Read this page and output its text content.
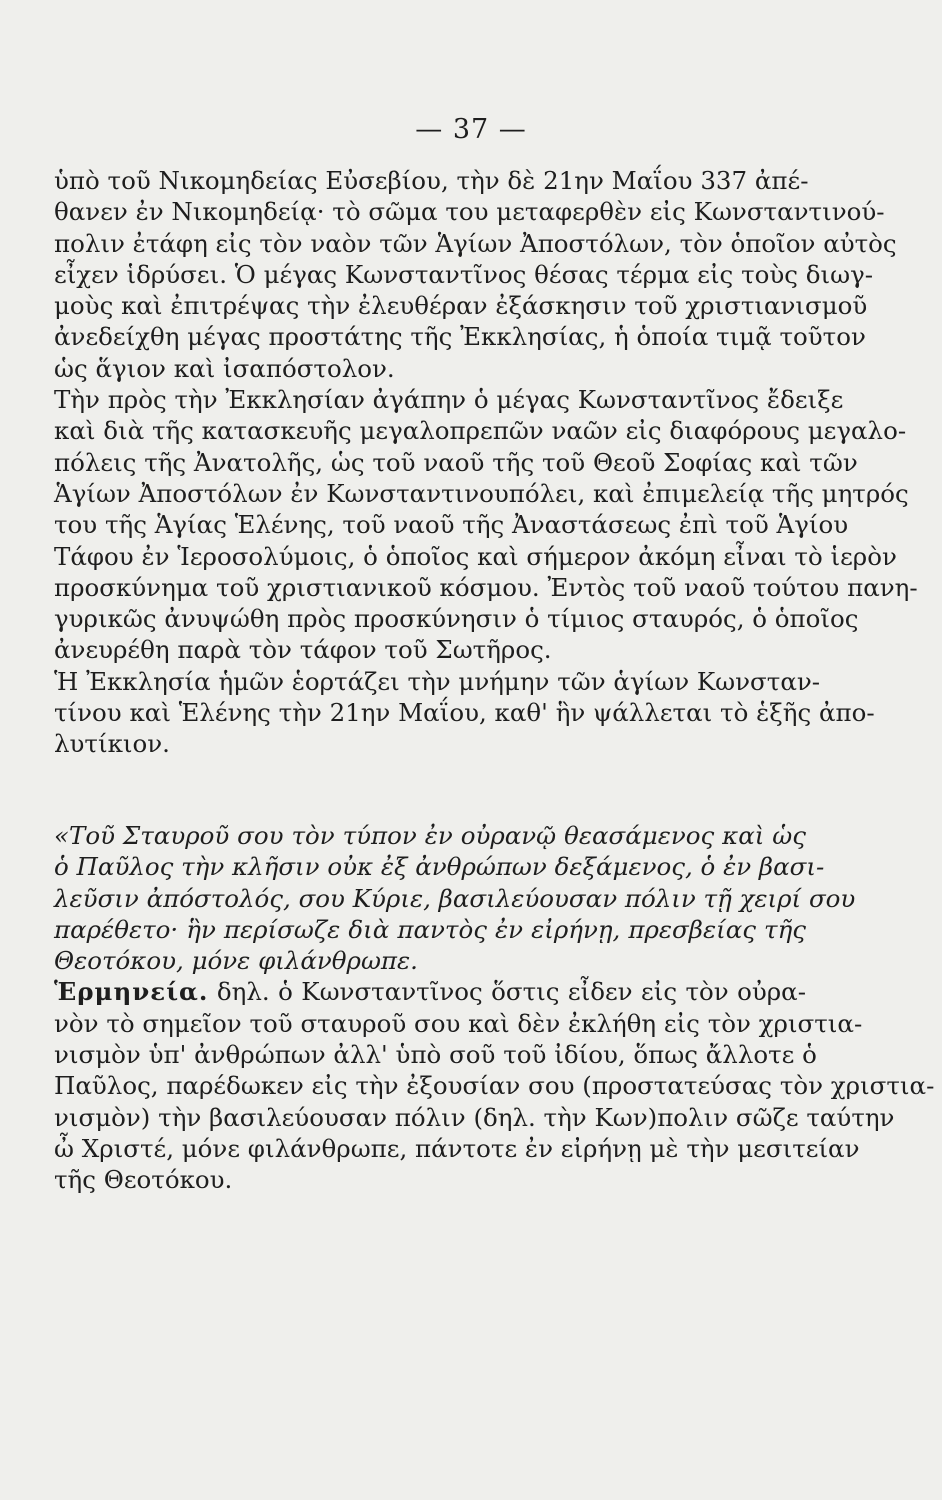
— 37 —
ὑπὸ τοῦ Νικομηδείας Εὐσεβίου, τὴν δὲ 21ην Μαΐου 337 ἀπέ-
θανεν ἐν Νικομηδείᾳ· τὸ σῶμα του μεταφερθὲν εἰς Κωνσταντινού-
πολιν ἐτάφη εἰς τὸν ναὸν τῶν Ἁγίων Ἀποστόλων, τὸν ὁποῖον αὐτὸς
εἶχεν ἱδρύσει. Ὁ μέγας Κωνσταντῖνος θέσας τέρμα εἰς τοὺς διωγ-
μοὺς καὶ ἐπιτρέψας τὴν ἐλευθέραν ἐξάσκησιν τοῦ χριστιανισμοῦ
ἀνεδείχθη μέγας προστάτης τῆς Ἐκκλησίας, ἡ ὁποία τιμᾷ τοῦτον
ὡς ἅγιον καὶ ἰσαπόστολον.
Τὴν πρὸς τὴν Ἐκκλησίαν ἀγάπην ὁ μέγας Κωνσταντῖνος ἔδειξε
καὶ διὰ τῆς κατασκευῆς μεγαλοπρεπῶν ναῶν εἰς διαφόρους μεγαλο-
πόλεις τῆς Ἀνατολῆς, ὡς τοῦ ναοῦ τῆς τοῦ Θεοῦ Σοφίας καὶ τῶν
Ἁγίων Ἀποστόλων ἐν Κωνσταντινουπόλει, καὶ ἐπιμελείᾳ τῆς μητρός
του τῆς Ἁγίας Ἑλένης, τοῦ ναοῦ τῆς Ἀναστάσεως ἐπὶ τοῦ Ἁγίου
Τάφου ἐν Ἱεροσολύμοις, ὁ ὁποῖος καὶ σήμερον ἀκόμη εἶναι τὸ ἱερὸν
προσκύνημα τοῦ χριστιανικοῦ κόσμου. Ἐντὸς τοῦ ναοῦ τούτου πανη-
γυρικῶς ἀνυψώθη πρὸς προσκύνησιν ὁ τίμιος σταυρός, ὁ ὁποῖος
ἀνευρέθη παρὰ τὸν τάφον τοῦ Σωτῆρος.
Ἡ Ἐκκλησία ἡμῶν ἑορτάζει τὴν μνήμην τῶν ἁγίων Κωνσταν-
τίνου καὶ Ἑλένης τὴν 21ην Μαΐου, καθ' ἣν ψάλλεται τὸ ἑξῆς ἀπο-
λυτίκιον.
«Τοῦ Σταυροῦ σου τὸν τύπον ἐν οὐρανῷ θεασάμενος καὶ ὡς
ὁ Παῦλος τὴν κλῆσιν οὐκ ἐξ ἀνθρώπων δεξάμενος, ὁ ἐν βασι-
λεῦσιν ἀπόστολός, σου Κύριε, βασιλεύουσαν πόλιν τῇ χειρί σου
παρέθετο· ἣν περίσωζε διὰ παντὸς ἐν εἰρήνῃ, πρεσβείας τῆς
Θεοτόκου, μόνε φιλάνθρωπε.
Ἑρμηνεία. δηλ. ὁ Κωνσταντῖνος ὅστις εἶδεν εἰς τὸν οὐρα-
νὸν τὸ σημεῖον τοῦ σταυροῦ σου καὶ δὲν ἐκλήθη εἰς τὸν χριστια-
νισμὸν ὑπ' ἀνθρώπων ἀλλ' ὑπὸ σοῦ τοῦ ἰδίου, ὅπως ἄλλοτε ὁ
Παῦλος, παρέδωκεν εἰς τὴν ἐξουσίαν σου (προστατεύσας τὸν χριστια-
νισμὸν) τὴν βασιλεύουσαν πόλιν (δηλ. τὴν Κων)πολιν σῶζε ταύτην
ὦ Χριστέ, μόνε φιλάνθρωπε, πάντοτε ἐν εἰρήνῃ μὲ τὴν μεσιτείαν
τῆς Θεοτόκου.
